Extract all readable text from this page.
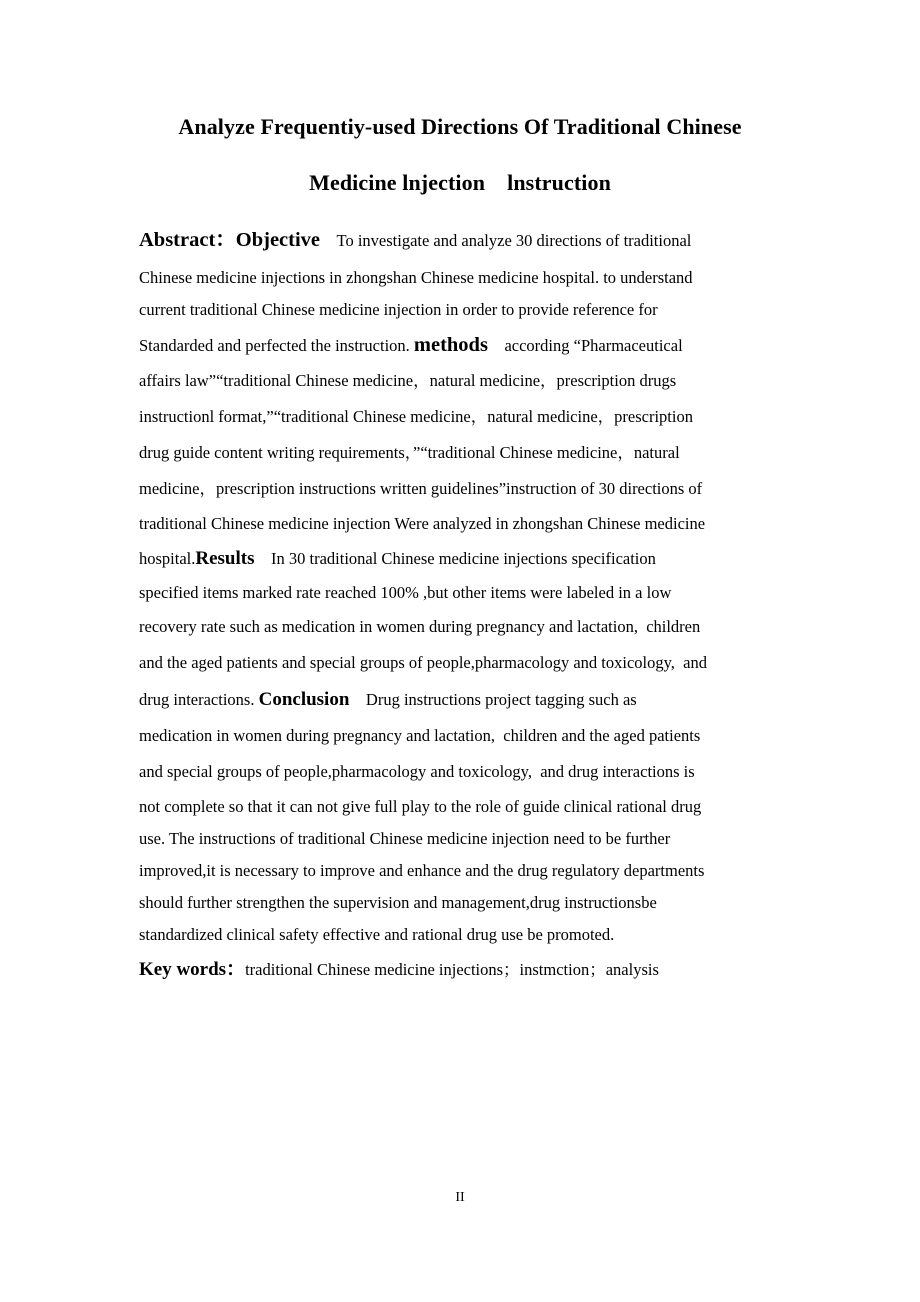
Analyze Frequentiy-used Directions Of Traditional Chinese
Medicine lnjection lnstruction
Abstract：Objective To investigate and analyze 30 directions of traditional
Chinese medicine injections in zhongshan Chinese medicine hospital. to understand
current traditional Chinese medicine injection in order to provide reference for
Standarded and perfected the instruction. methods according “Pharmaceutical
affairs law”“traditional Chinese medicine，natural medicine，prescription drugs
instructionl format,”“traditional Chinese medicine，natural medicine，prescription
drug guide content writing requirements，”“traditional Chinese medicine，natural
medicine，prescription instructions written guidelines”instruction of 30 directions of
traditional Chinese medicine injection Were analyzed in zhongshan Chinese medicine
hospital.Results In 30 traditional Chinese medicine injections specification
specified items marked rate reached 100% ,but other items were labeled in a low
recovery rate such as medication in women during pregnancy and lactation, children
and the aged patients and special groups of people,pharmacology and toxicology, and
drug interactions. Conclusion Drug instructions project tagging such as
medication in women during pregnancy and lactation, children and the aged patients
and special groups of people,pharmacology and toxicology, and drug interactions is
not complete so that it can not give full play to the role of guide clinical rational drug
use. The instructions of traditional Chinese medicine injection need to be further
improved,it is necessary to improve and enhance and the drug regulatory departments
should further strengthen the supervision and management,drug instructionsbe
standardized clinical safety effective and rational drug use be promoted.
Key words：traditional Chinese medicine injections；instmction；analysis
II
